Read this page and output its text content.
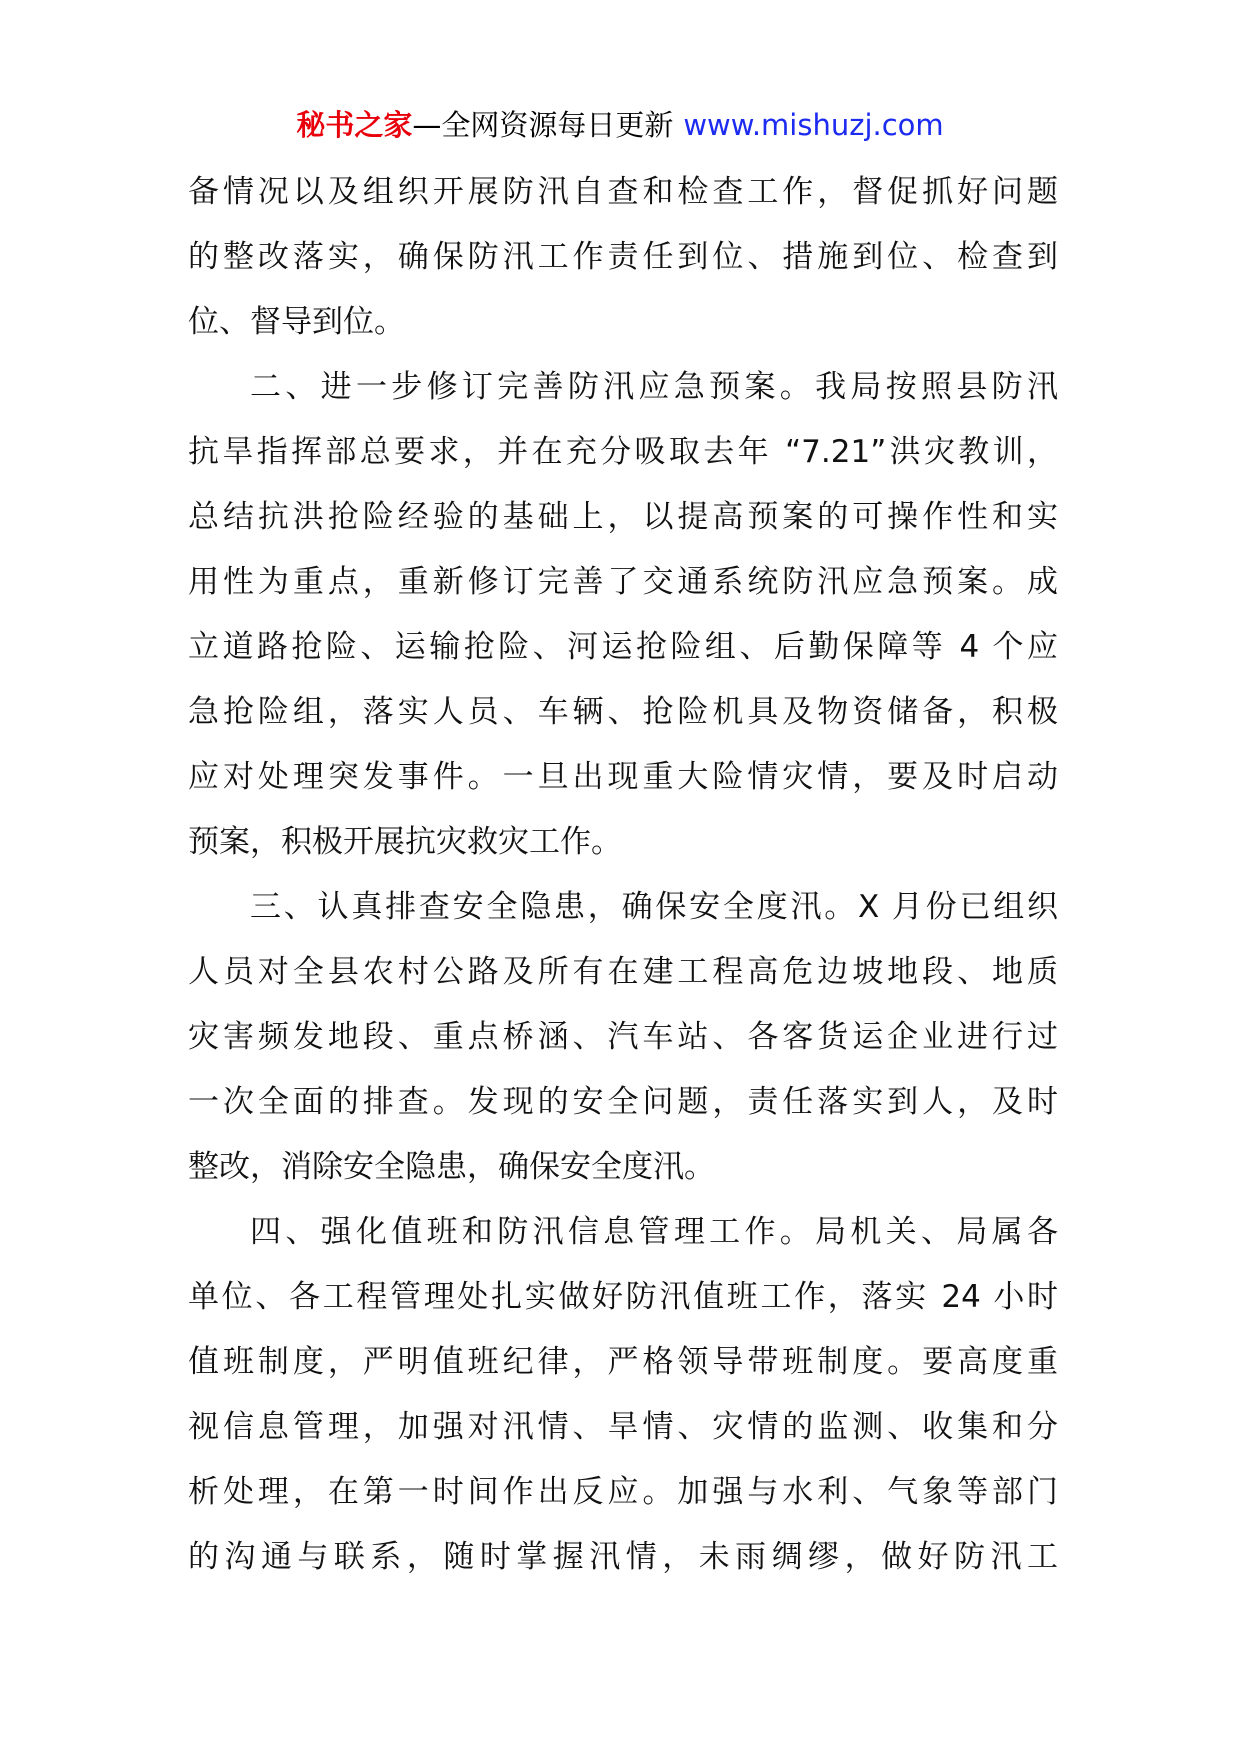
秘书之家—全网资源每日更新 www.mishuzj.com
备情况以及组织开展防汛自查和检查工作，督促抓好问题
的整改落实，确保防汛工作责任到位、措施到位、检查到
位、督导到位。
二、进一步修订完善防汛应急预案。我局按照县防汛
抗旱指挥部总要求，并在充分吸取去年 “7.21”洪灾教训，
总结抗洪抢险经验的基础上，以提高预案的可操作性和实
用性为重点，重新修订完善了交通系统防汛应急预案。成
立道路抢险、运输抢险、河运抢险组、后勤保障等 4 个应
急抢险组，落实人员、车辆、抢险机具及物资储备，积极
应对处理突发事件。一旦出现重大险情灾情，要及时启动
预案，积极开展抗灾救灾工作。
三、认真排查安全隐患，确保安全度汛。X 月份已组织
人员对全县农村公路及所有在建工程高危边坡地段、地质
灾害频发地段、重点桥涵、汽车站、各客货运企业进行过
一次全面的排查。发现的安全问题，责任落实到人，及时
整改，消除安全隐患，确保安全度汛。
四、强化值班和防汛信息管理工作。局机关、局属各
单位、各工程管理处扎实做好防汛值班工作，落实 24 小时
值班制度，严明值班纪律，严格领导带班制度。要高度重
视信息管理，加强对汛情、旱情、灾情的监测、收集和分
析处理，在第一时间作出反应。加强与水利、气象等部门
的沟通与联系，随时掌握汛情，未雨绸缪，做好防汛工
